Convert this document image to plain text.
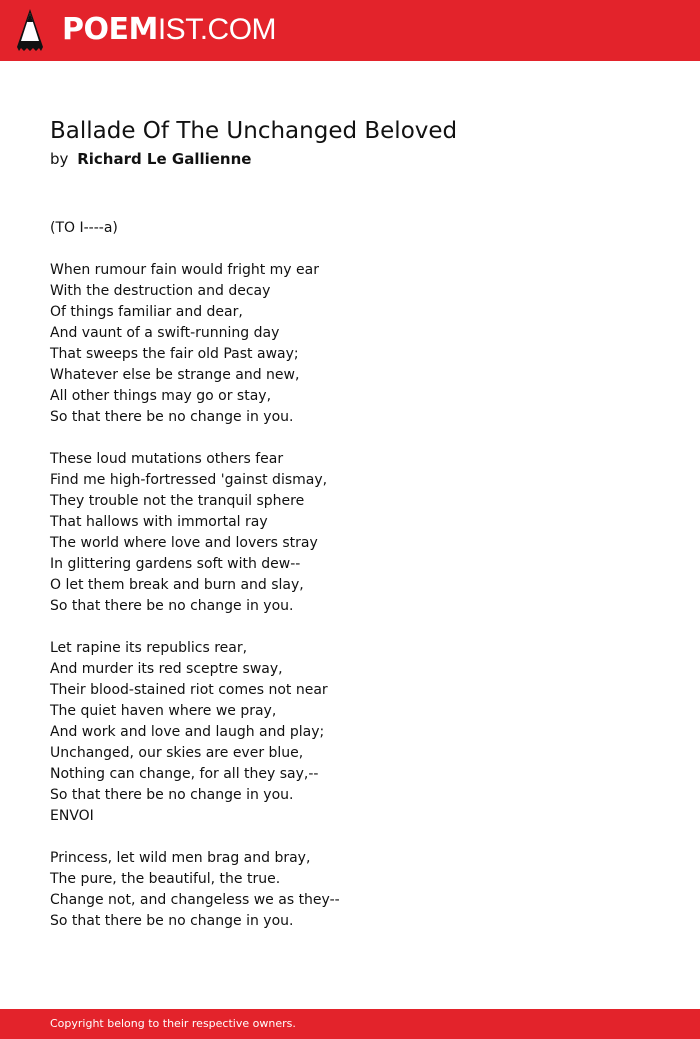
POEMIST.COM
Ballade Of The Unchanged Beloved
by Richard Le Gallienne
(TO I----a)
When rumour fain would fright my ear
With the destruction and decay
Of things familiar and dear,
And vaunt of a swift-running day
That sweeps the fair old Past away;
Whatever else be strange and new,
All other things may go or stay,
So that there be no change in you.
These loud mutations others fear
Find me high-fortressed 'gainst dismay,
They trouble not the tranquil sphere
That hallows with immortal ray
The world where love and lovers stray
In glittering gardens soft with dew--
O let them break and burn and slay,
So that there be no change in you.
Let rapine its republics rear,
And murder its red sceptre sway,
Their blood-stained riot comes not near
The quiet haven where we pray,
And work and love and laugh and play;
Unchanged, our skies are ever blue,
Nothing can change, for all they say,--
So that there be no change in you.
ENVOI
Princess, let wild men brag and bray,
The pure, the beautiful, the true.
Change not, and changeless we as they--
So that there be no change in you.
Copyright belong to their respective owners.
